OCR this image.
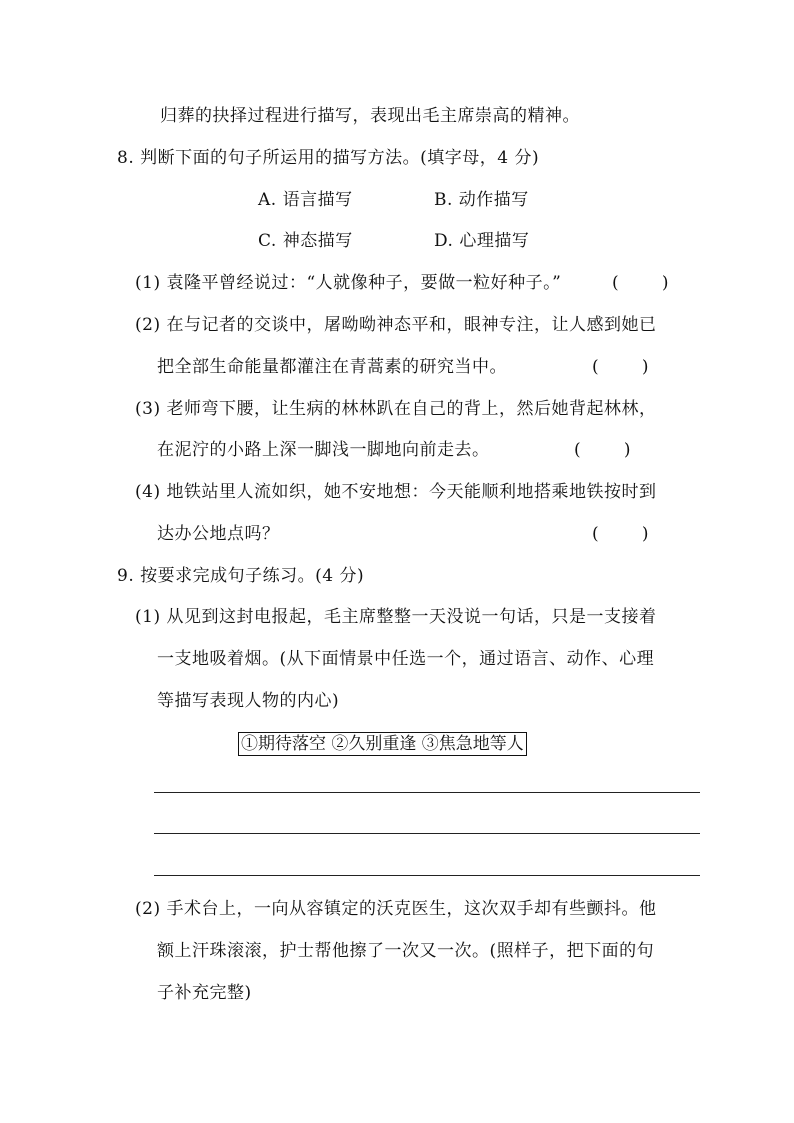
归葬的抉择过程进行描写，表现出毛主席崇高的精神。
8. 判断下面的句子所运用的描写方法。(填字母，4 分)
A. 语言描写	B. 动作描写
C. 神态描写	D. 心理描写
(1) 袁隆平曾经说过：“人就像种子，要做一粒好种子。”	(        )
(2) 在与记者的交谈中，屠呦呦神态平和，眼神专注，让人感到她已
把全部生命能量都灌注在青蒿素的研究当中。	(        )
(3) 老师弯下腰，让生病的林林趴在自己的背上，然后她背起林林，
在泥泞的小路上深一脚浅一脚地向前走去。	(        )
(4) 地铁站里人流如织，她不安地想：今天能顺利地搭乘地铁按时到
达办公地点吗？	(        )
9. 按要求完成句子练习。(4 分)
(1) 从见到这封电报起，毛主席整整一天没说一句话，只是一支接着
一支地吸着烟。(从下面情景中任选一个，通过语言、动作、心理
等描写表现人物的内心)
①期待落空 ②久别重逢 ③焦急地等人
(2) 手术台上，一向从容镇定的沃克医生，这次双手却有些颤抖。他
额上汗珠滚滚，护士帮他擦了一次又一次。(照样子，把下面的句
子补充完整)
